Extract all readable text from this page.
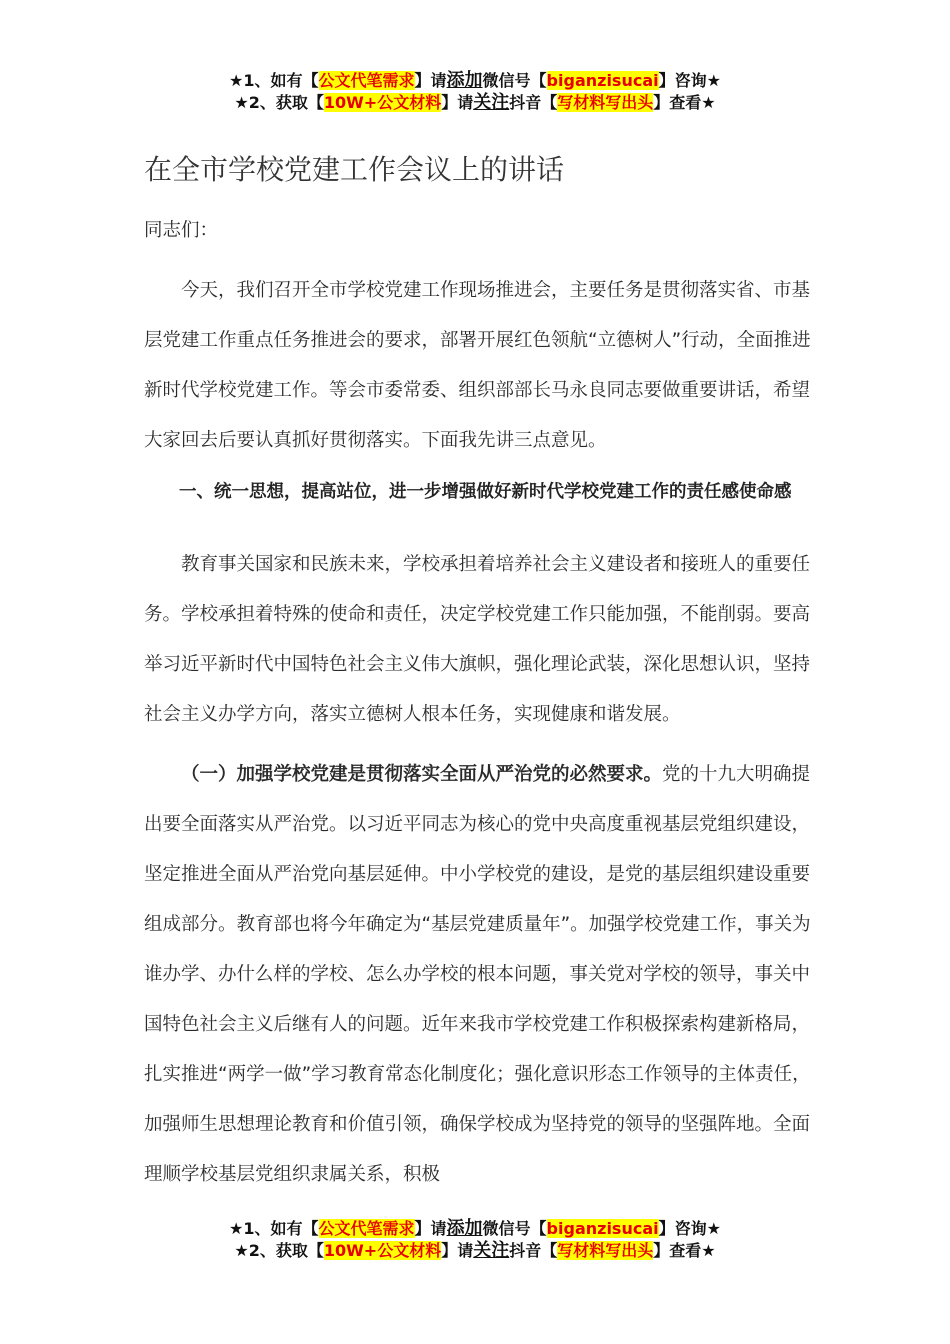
★1、如有【公文代笔需求】请添加微信号【biganzisucai】咨询★
★2、获取【10W+公文材料】请关注抖音【写材料写出头】查看★
在全市学校党建工作会议上的讲话

同志们：

今天，我们召开全市学校党建工作现场推进会，主要任务是贯彻落实省、市基层党建工作重点任务推进会的要求，部署开展红色领航“立德树人”行动，全面推进新时代学校党建工作。等会市委常委、组织部部长马永良同志要做重要讲话，希望大家回去后要认真抓好贯彻落实。下面我先讲三点意见。

一、统一思想，提高站位，进一步增强做好新时代学校党建工作的责任感使命感

教育事关国家和民族未来，学校承担着培养社会主义建设者和接班人的重要任务。学校承担着特殊的使命和责任，决定学校党建工作只能加强，不能削弱。要高举习近平新时代中国特色社会主义伟大旗帜，强化理论武装，深化思想认识，坚持社会主义办学方向，落实立德树人根本任务，实现健康和谐发展。

（一）加强学校党建是贯彻落实全面从严治党的必然要求。党的十九大明确提出要全面落实从严治党。以习近平同志为核心的党中央高度重视基层党组织建设，坚定推进全面从严治党向基层延伸。中小学校党的建设，是党的基层组织建设重要组成部分。教育部也将今年确定为“基层党建质量年”。加强学校党建工作，事关为谁办学、办什么样的学校、怎么办学校的根本问题，事关党对学校的领导，事关中国特色社会主义后继有人的问题。近年来我市学校党建工作积极探索构建新格局，扎实推进“两学一做”学习教育常态化制度化；强化意识形态工作领导的主体责任，加强师生思想理论教育和价值引领，确保学校成为坚持党的领导的坚强阵地。全面理顺学校基层党组织隶属关系，积极

★1、如有【公文代笔需求】请添加微信号【biganzisucai】咨询★
★2、获取【10W+公文材料】请关注抖音【写材料写出头】查看★
